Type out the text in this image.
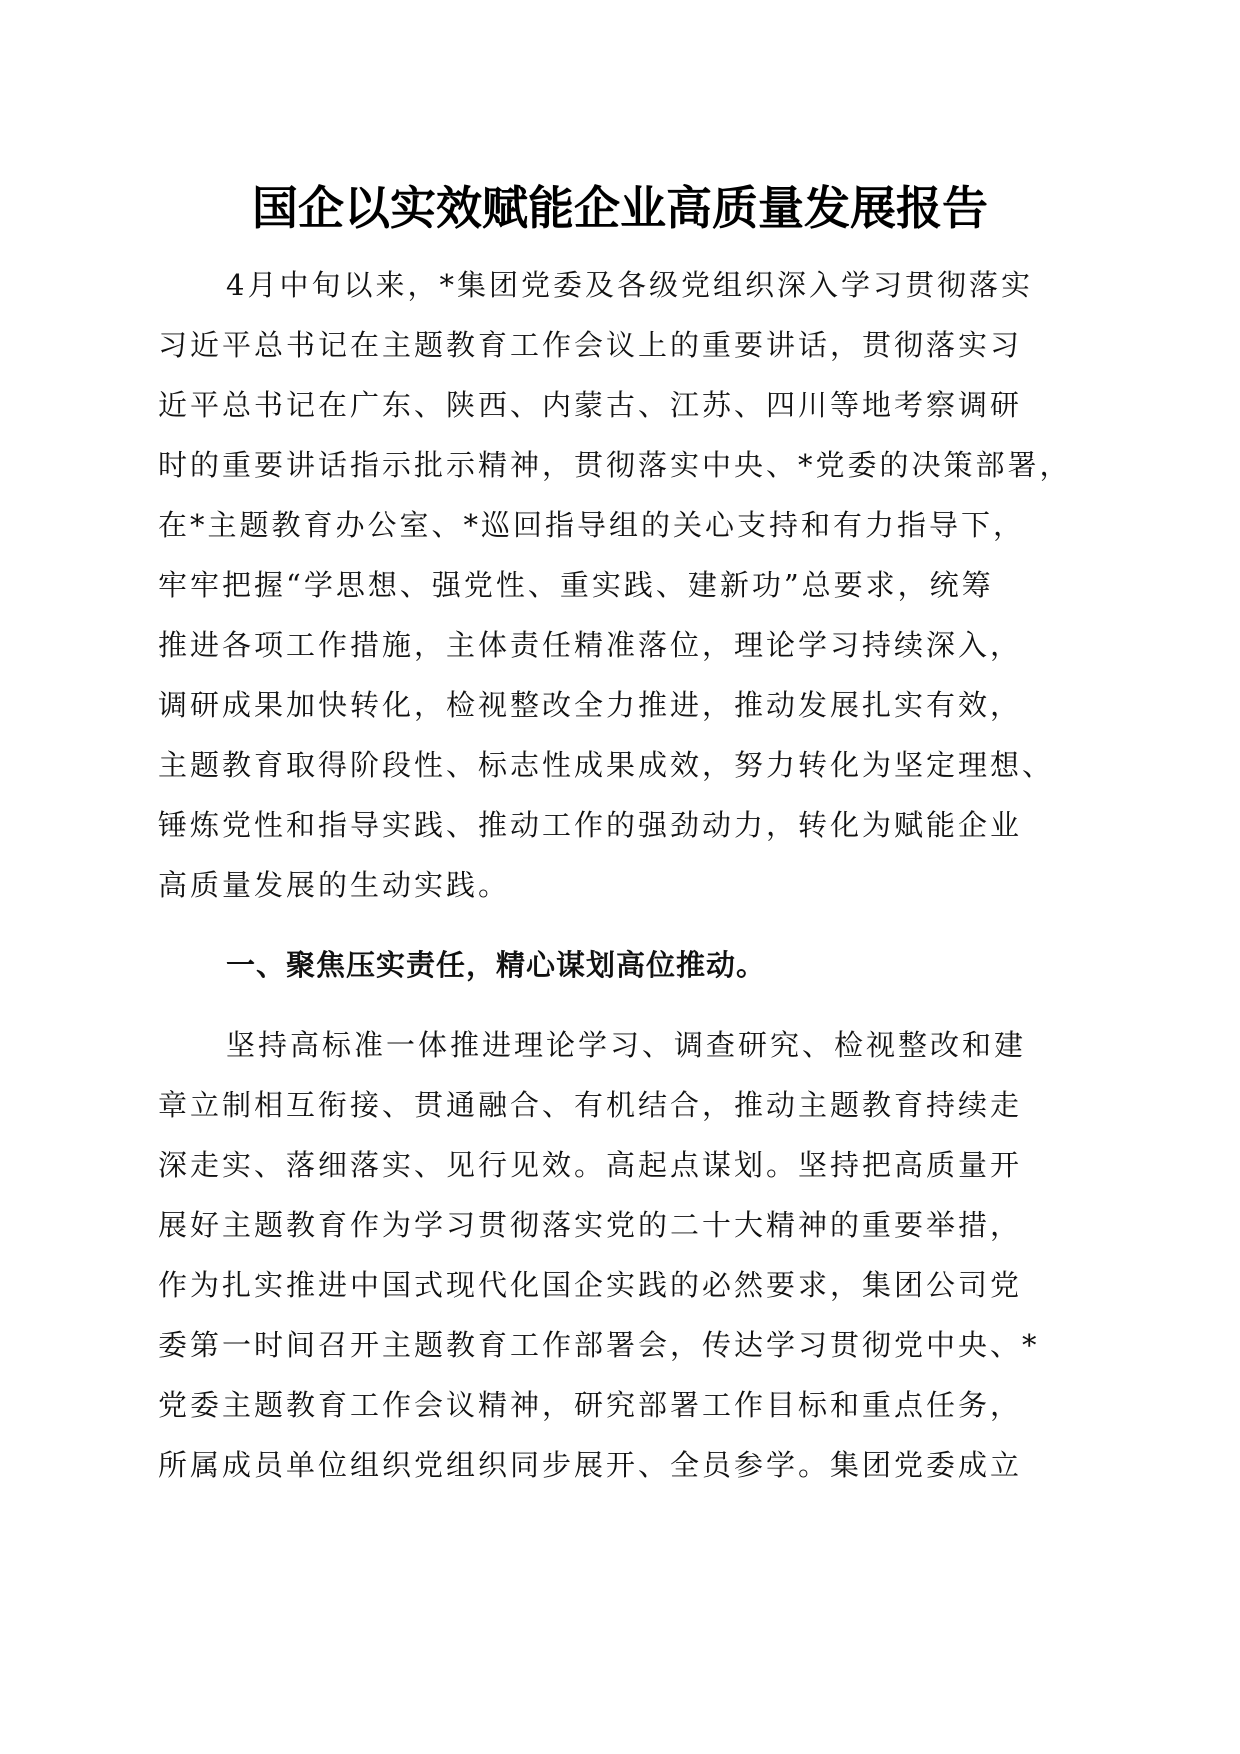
国企以实效赋能企业高质量发展报告
4月中旬以来，*集团党委及各级党组织深入学习贯彻落实
习近平总书记在主题教育工作会议上的重要讲话，贯彻落实习
近平总书记在广东、陕西、内蒙古、江苏、四川等地考察调研
时的重要讲话指示批示精神，贯彻落实中央、*党委的决策部署，
在*主题教育办公室、*巡回指导组的关心支持和有力指导下，
牢牢把握“学思想、强党性、重实践、建新功”总要求，统筹
推进各项工作措施，主体责任精准落位，理论学习持续深入，
调研成果加快转化，检视整改全力推进，推动发展扎实有效，
主题教育取得阶段性、标志性成果成效，努力转化为坚定理想、
锤炼党性和指导实践、推动工作的强劲动力，转化为赋能企业
高质量发展的生动实践。
一、聚焦压实责任，精心谋划高位推动。
坚持高标准一体推进理论学习、调查研究、检视整改和建
章立制相互衔接、贯通融合、有机结合，推动主题教育持续走
深走实、落细落实、见行见效。高起点谋划。坚持把高质量开
展好主题教育作为学习贯彻落实党的二十大精神的重要举措，
作为扎实推进中国式现代化国企实践的必然要求，集团公司党
委第一时间召开主题教育工作部署会，传达学习贯彻党中央、*
党委主题教育工作会议精神，研究部署工作目标和重点任务，
所属成员单位组织党组织同步展开、全员参学。集团党委成立
